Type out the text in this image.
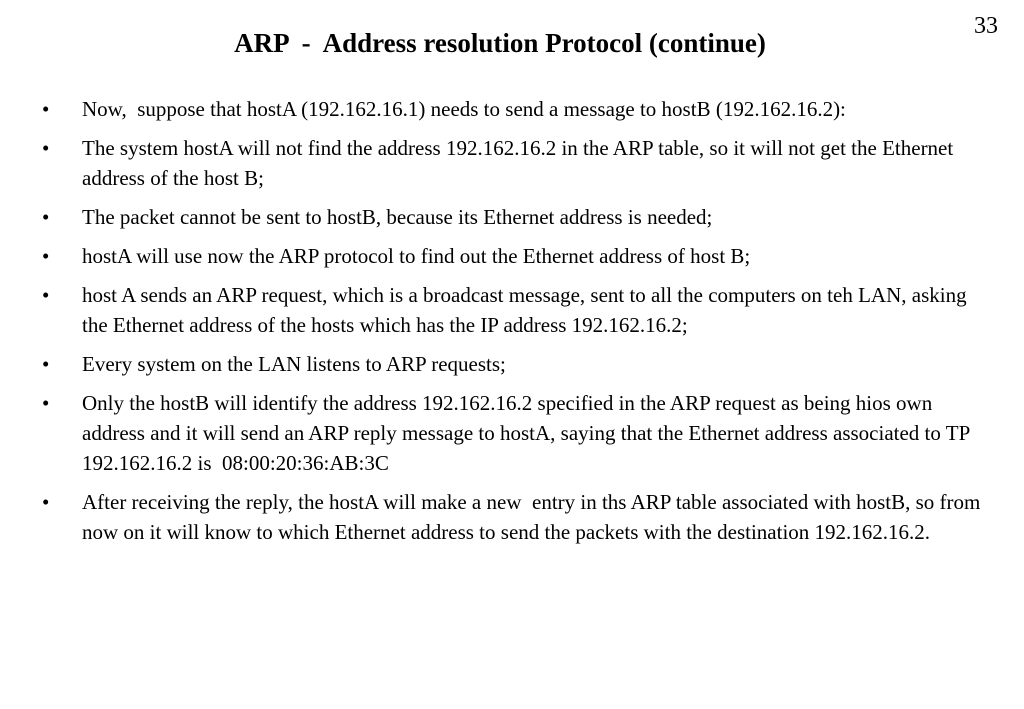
33
ARP  -  Address resolution Protocol (continue)
•	Now,  suppose that hostA (192.162.16.1) needs to send a message to hostB (192.162.16.2):
•	The system hostA will not find the address 192.162.16.2 in the ARP table, so it will not get the Ethernet address of the host B;
•	The packet cannot be sent to hostB, because its Ethernet address is needed;
•	hostA will use now the ARP protocol to find out the Ethernet address of host B;
•	host A sends an ARP request, which is a broadcast message, sent to all the computers on teh LAN, asking the Ethernet address of the hosts which has the IP address 192.162.16.2;
•	Every system on the LAN listens to ARP requests;
•	Only the hostB will identify the address 192.162.16.2 specified in the ARP request as being hios own address and it will send an ARP reply message to hostA, saying that the Ethernet address associated to TP 192.162.16.2 is  08:00:20:36:AB:3C
•	After receiving the reply, the hostA will make a new  entry in ths ARP table associated with hostB, so from now on it will know to which Ethernet address to send the packets with the destination 192.162.16.2.
